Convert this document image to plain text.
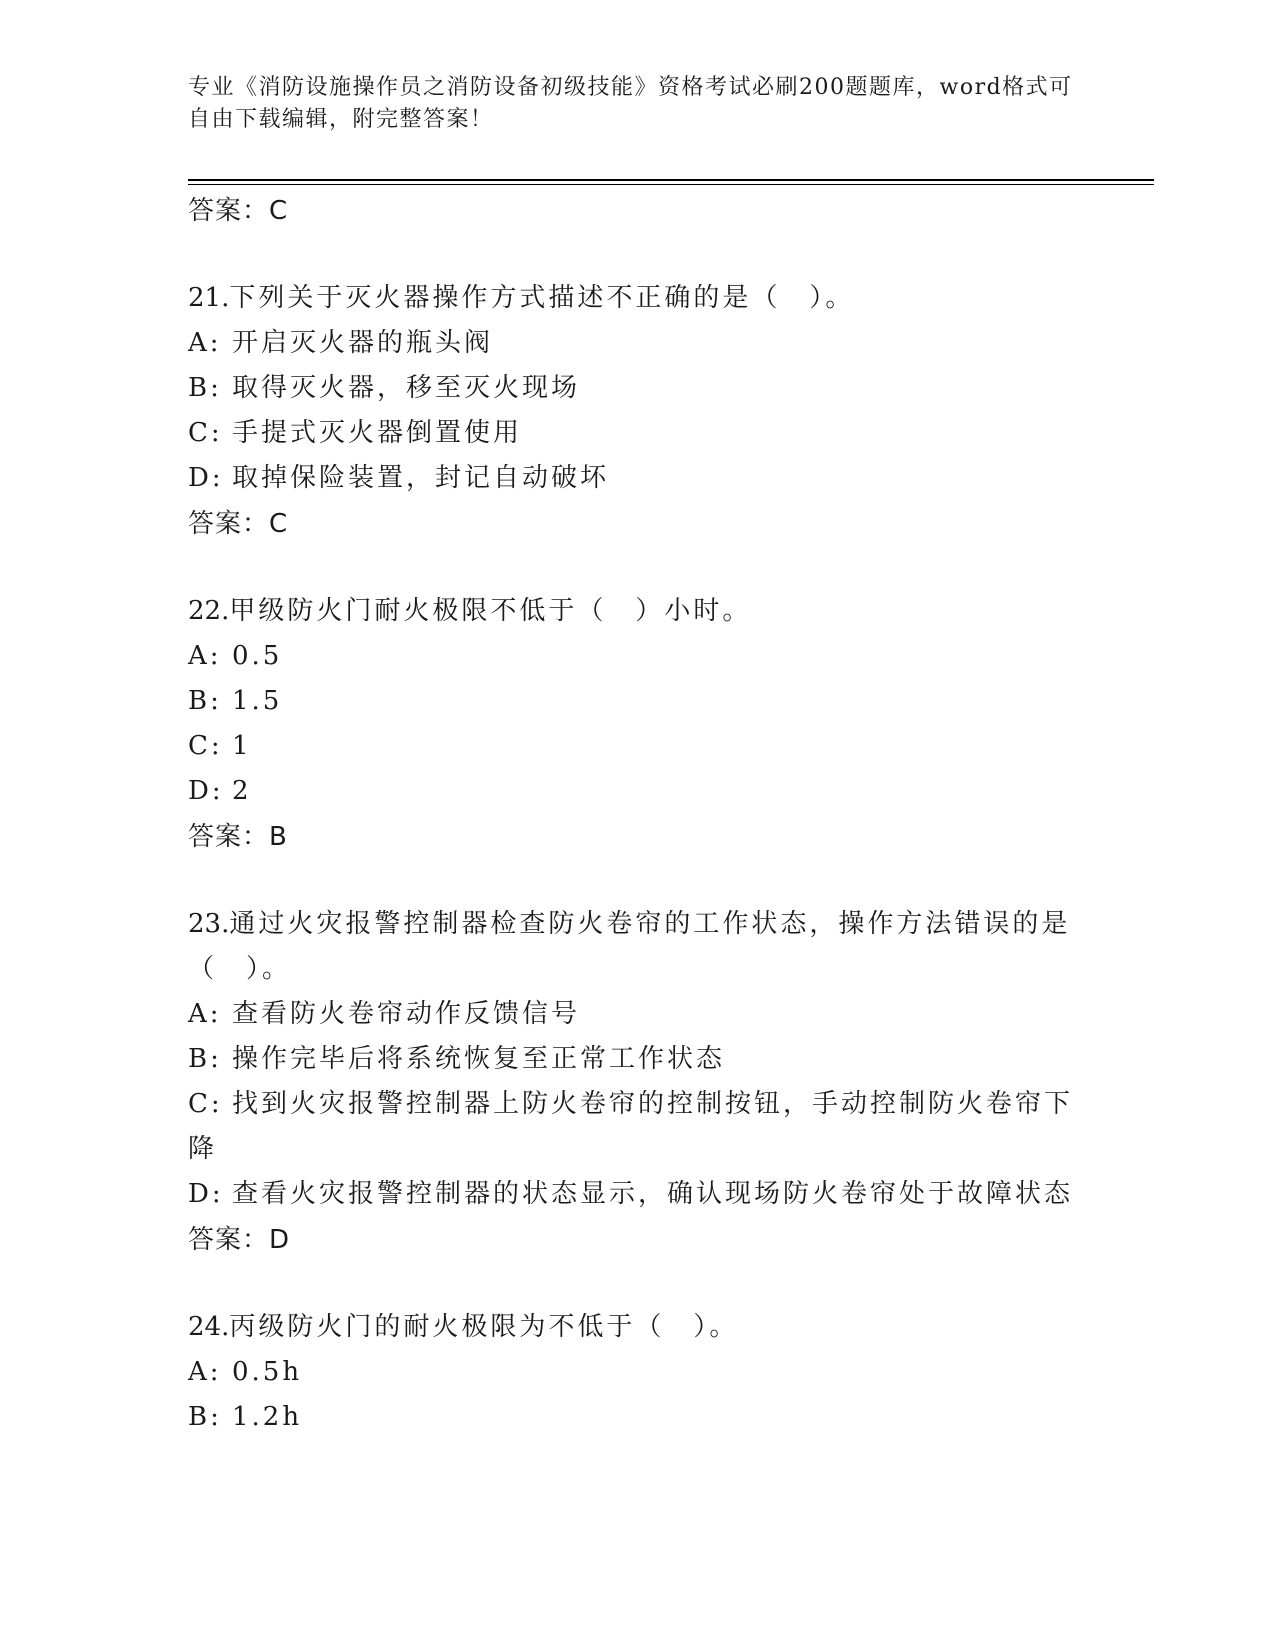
专业《消防设施操作员之消防设备初级技能》资格考试必刷200题题库，word格式可自由下载编辑，附完整答案！
答案：C
21.下列关于灭火器操作方式描述不正确的是（　）。
A: 开启灭火器的瓶头阀
B: 取得灭火器，移至灭火现场
C: 手提式灭火器倒置使用
D: 取掉保险装置，封记自动破坏
答案：C
22.甲级防火门耐火极限不低于（　）小时。
A: 0.5
B: 1.5
C: 1
D: 2
答案：B
23.通过火灾报警控制器检查防火卷帘的工作状态，操作方法错误的是（　）。
A: 查看防火卷帘动作反馈信号
B: 操作完毕后将系统恢复至正常工作状态
C: 找到火灾报警控制器上防火卷帘的控制按钮，手动控制防火卷帘下降
D: 查看火灾报警控制器的状态显示，确认现场防火卷帘处于故障状态
答案：D
24.丙级防火门的耐火极限为不低于（　）。
A: 0.5h
B: 1.2h
